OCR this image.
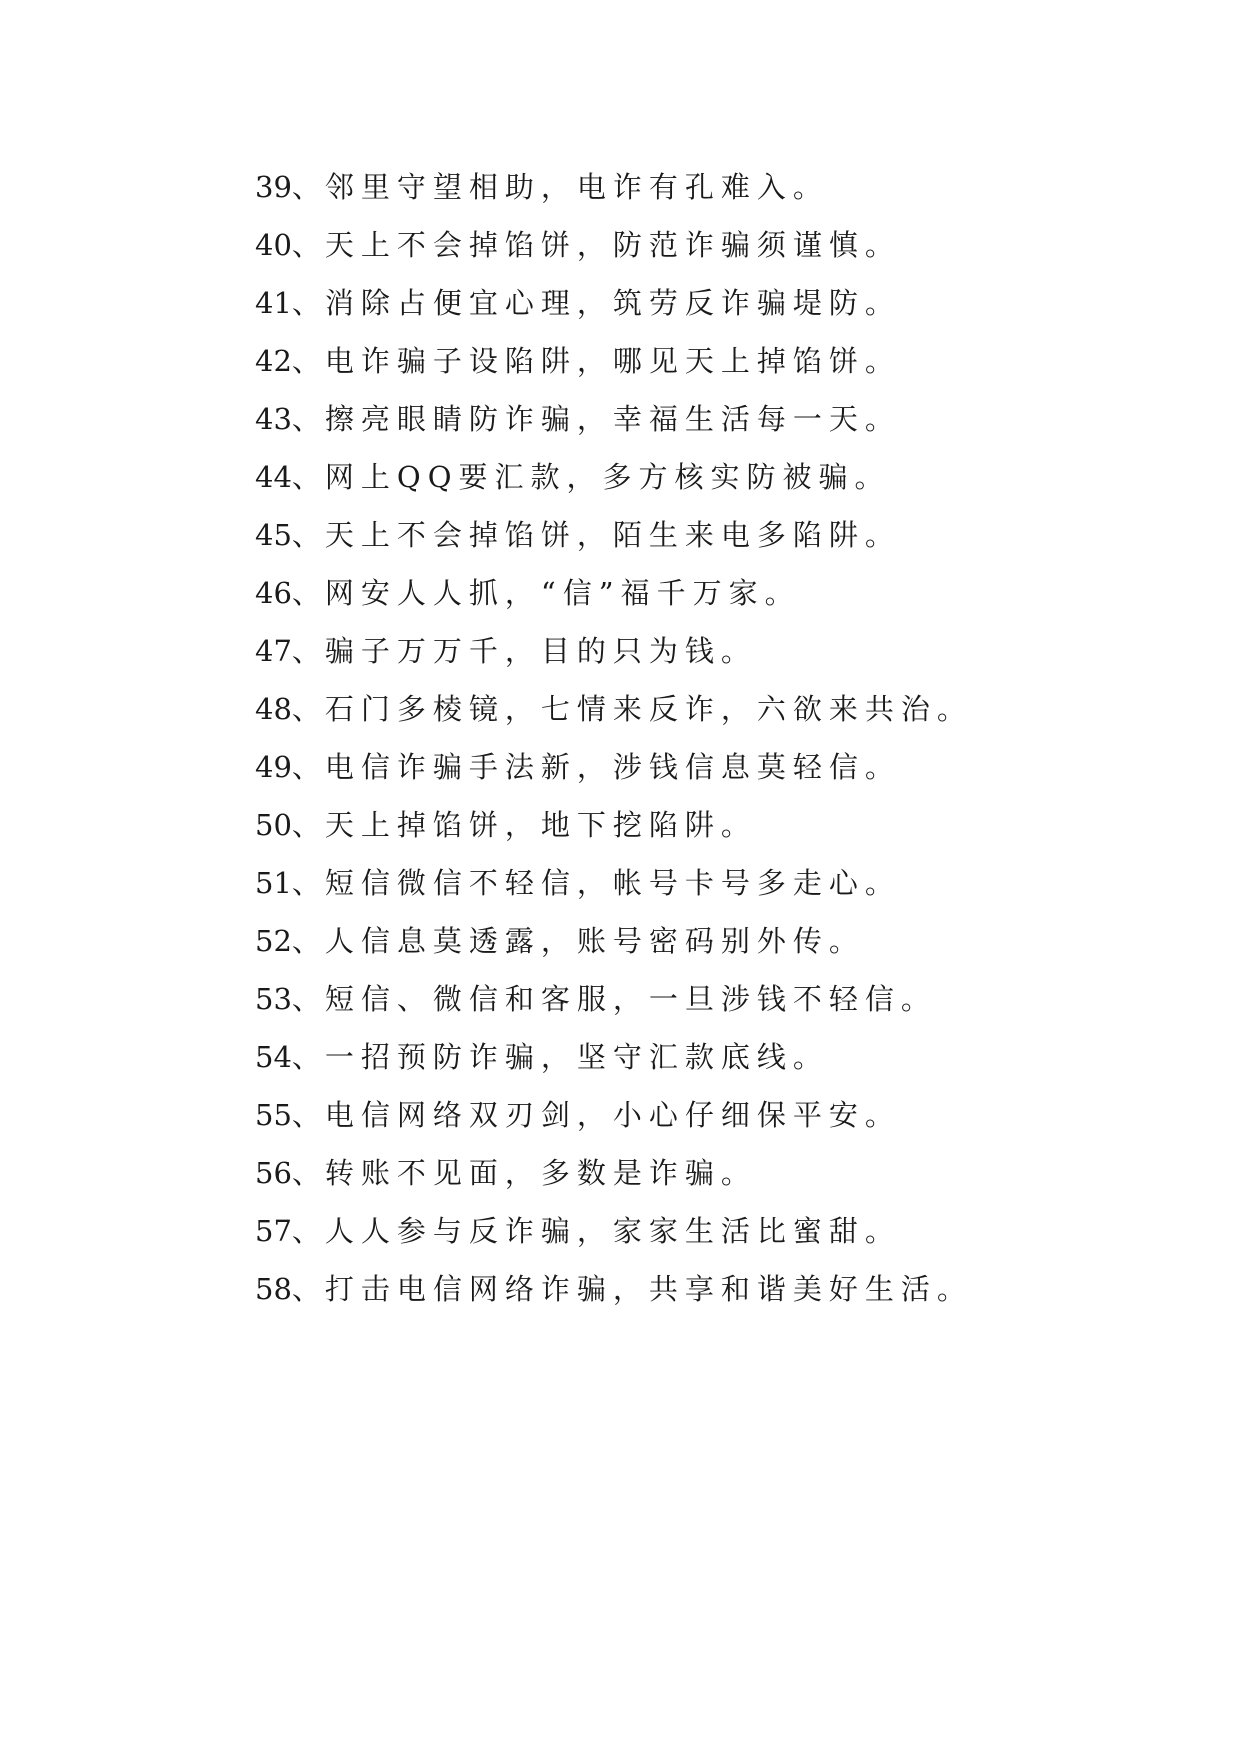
39、邻里守望相助，电诈有孔难入。
40、天上不会掉馅饼，防范诈骗须谨慎。
41、消除占便宜心理，筑劳反诈骗堤防。
42、电诈骗子设陷阱，哪见天上掉馅饼。
43、擦亮眼睛防诈骗，幸福生活每一天。
44、网上QQ要汇款，多方核实防被骗。
45、天上不会掉馅饼，陌生来电多陷阱。
46、网安人人抓，“信”福千万家。
47、骗子万万千，目的只为钱。
48、石门多棱镜，七情来反诈，六欲来共治。
49、电信诈骗手法新，涉钱信息莫轻信。
50、天上掉馅饼，地下挖陷阱。
51、短信微信不轻信，帐号卡号多走心。
52、人信息莫透露，账号密码别外传。
53、短信、微信和客服，一旦涉钱不轻信。
54、一招预防诈骗，坚守汇款底线。
55、电信网络双刃剑，小心仔细保平安。
56、转账不见面，多数是诈骗。
57、人人参与反诈骗，家家生活比蜜甜。
58、打击电信网络诈骗，共享和谐美好生活。
